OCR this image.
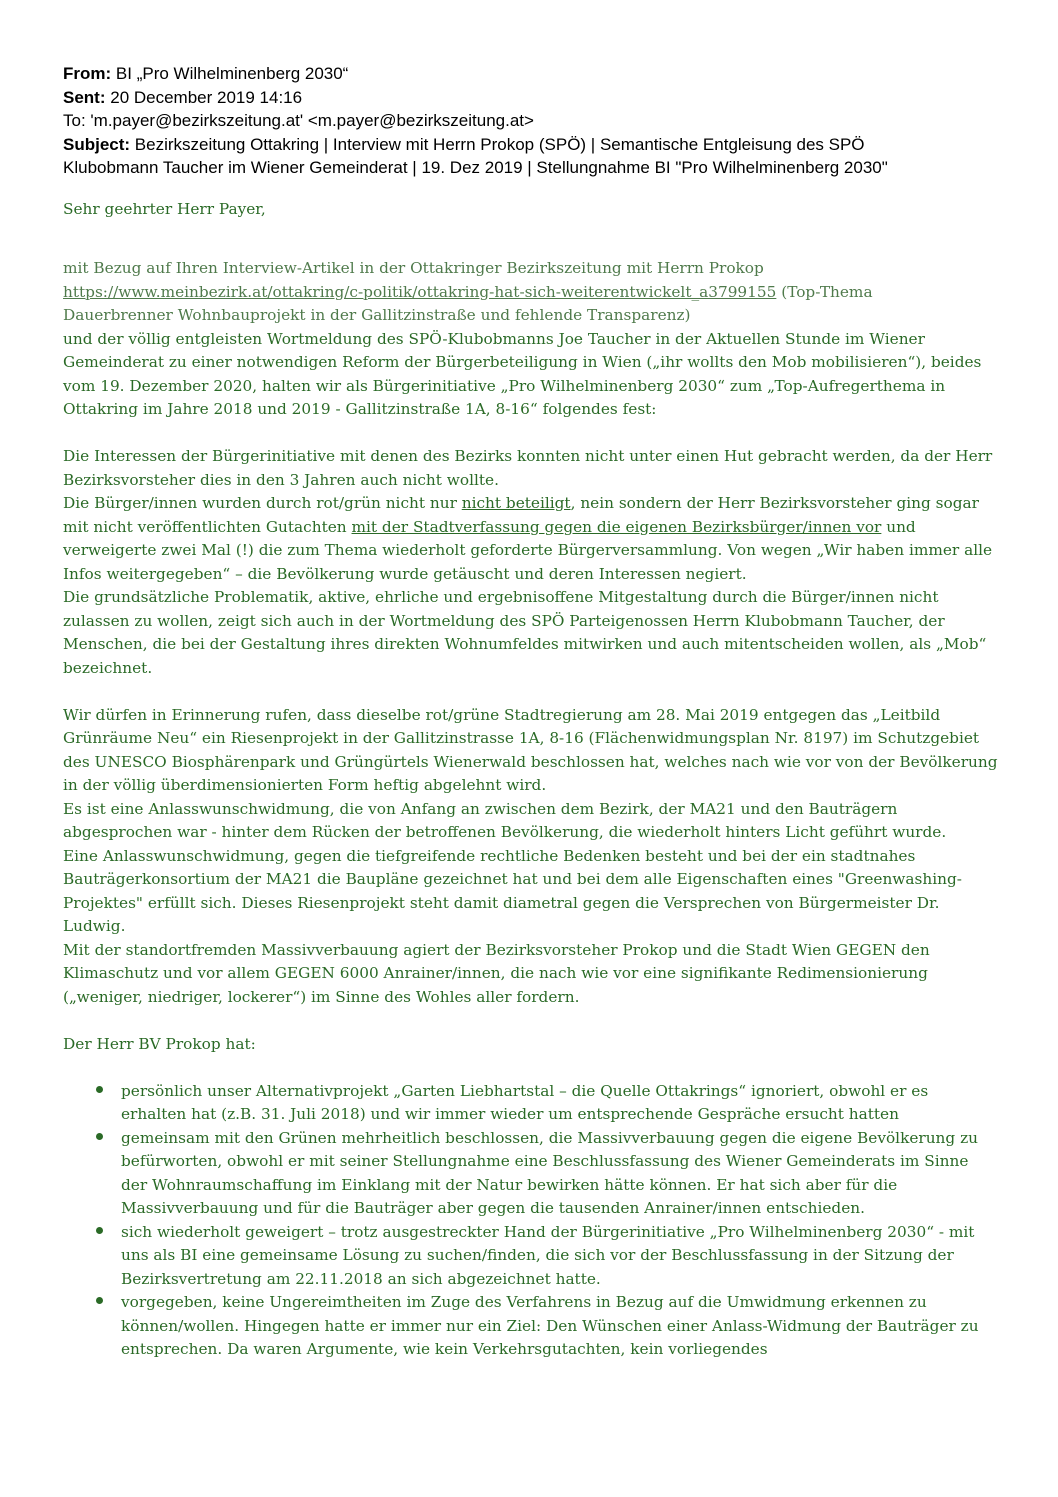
From: BI „Pro Wilhelminenberg 2030“
Sent: 20 December 2019 14:16
To: 'm.payer@bezirkszeitung.at' <m.payer@bezirkszeitung.at>
Subject: Bezirkszeitung Ottakring | Interview mit Herrn Prokop (SPÖ) | Semantische Entgleisung des SPÖ
Klubobmann Taucher im Wiener Gemeinderat | 19. Dez 2019 | Stellungnahme BI "Pro Wilhelminenberg 2030"

Sehr geehrter Herr Payer,

mit Bezug auf Ihren Interview-Artikel in der Ottakringer Bezirkszeitung mit Herrn Prokop

https://www.meinbezirk.at/ottakring/c-politik/ottakring-hat-sich-weiterentwickelt_a3799155 (Top-Thema

Dauerbrenner Wohnbauprojekt in der Gallitzinstraße und fehlende Transparenz)

und der völlig entgleisten Wortmeldung des SPÖ-Klubobmanns Joe Taucher in der Aktuellen Stunde im Wiener Gemeinderat zu einer notwendigen Reform der Bürgerbeteiligung in Wien („ihr wollts den Mob mobilisieren“), beides vom 19. Dezember 2020, halten wir als Bürgerinitiative „Pro Wilhelminenberg 2030“ zum „Top-Aufregerthema in Ottakring im Jahre 2018 und 2019 - Gallitzinstraße 1A, 8-16“ folgendes fest:

Die Interessen der Bürgerinitiative mit denen des Bezirks konnten nicht unter einen Hut gebracht werden, da der Herr Bezirksvorsteher dies in den 3 Jahren auch nicht wollte.

Die Bürger/innen wurden durch rot/grün nicht nur nicht beteiligt, nein sondern der Herr Bezirksvorsteher ging sogar mit nicht veröffentlichten Gutachten mit der Stadtverfassung gegen die eigenen Bezirksbürger/innen vor und verweigerte zwei Mal (!) die zum Thema wiederholt geforderte Bürgerversammlung. Von wegen „Wir haben immer alle Infos weitergegeben“ – die Bevölkerung wurde getäuscht und deren Interessen negiert.

Die grundsätzliche Problematik, aktive, ehrliche und ergebnisoffene Mitgestaltung durch die Bürger/innen nicht zulassen zu wollen, zeigt sich auch in der Wortmeldung des SPÖ Parteigenossen Herrn Klubobmann Taucher, der Menschen, die bei der Gestaltung ihres direkten Wohnumfeldes mitwirken und auch mitentscheiden wollen, als „Mob“ bezeichnet.

Wir dürfen in Erinnerung rufen, dass dieselbe rot/grüne Stadtregierung am 28. Mai 2019 entgegen das „Leitbild Grünräume Neu“ ein Riesenprojekt in der Gallitzinstrasse 1A, 8-16 (Flächenwidmungsplan Nr. 8197) im Schutzgebiet des UNESCO Biosphärenpark und Grüngürtels Wienerwald beschlossen hat, welches nach wie vor von der Bevölkerung in der völlig überdimensionierten Form heftig abgelehnt wird.

Es ist eine Anlasswunschwidmung, die von Anfang an zwischen dem Bezirk, der MA21 und den Bauträgern abgesprochen war - hinter dem Rücken der betroffenen Bevölkerung, die wiederholt hinters Licht geführt wurde.

Eine Anlasswunschwidmung, gegen die tiefgreifende rechtliche Bedenken besteht und bei der ein stadtnahes Bauträgerkonsortium der MA21 die Baupläne gezeichnet hat und bei dem alle Eigenschaften eines "Greenwashing-Projektes" erfüllt sich. Dieses Riesenprojekt steht damit diametral gegen die Versprechen von Bürgermeister Dr. Ludwig.

Mit der standortfremden Massivverbauung agiert der Bezirksvorsteher Prokop und die Stadt Wien GEGEN den Klimaschutz und vor allem GEGEN 6000 Anrainer/innen, die nach wie vor eine signifikante Redimensionierung („weniger, niedriger, lockerer“) im Sinne des Wohles aller fordern.

Der Herr BV Prokop hat:

persönlich unser Alternativprojekt „Garten Liebhartstal – die Quelle Ottakrings“ ignoriert, obwohl er es erhalten hat (z.B. 31. Juli 2018) und wir immer wieder um entsprechende Gespräche ersucht hatten
gemeinsam mit den Grünen mehrheitlich beschlossen, die Massivverbauung gegen die eigene Bevölkerung zu befürworten, obwohl er mit seiner Stellungnahme eine Beschlussfassung des Wiener Gemeinderats im Sinne der Wohnraumschaffung im Einklang mit der Natur bewirken hätte können. Er hat sich aber für die Massivverbauung und für die Bauträger aber gegen die tausenden Anrainer/innen entschieden.
sich wiederholt geweigert – trotz ausgestreckter Hand der Bürgerinitiative „Pro Wilhelminenberg 2030“ - mit uns als BI eine gemeinsame Lösung zu suchen/finden, die sich vor der Beschlussfassung in der Sitzung der Bezirksvertretung am 22.11.2018 an sich abgezeichnet hatte.
vorgegeben, keine Ungereimtheiten im Zuge des Verfahrens in Bezug auf die Umwidmung erkennen zu können/wollen. Hingegen hatte er immer nur ein Ziel: Den Wünschen einer Anlass-Widmung der Bauträger zu entsprechen. Da waren Argumente, wie kein Verkehrsgutachten, kein vorliegendes
